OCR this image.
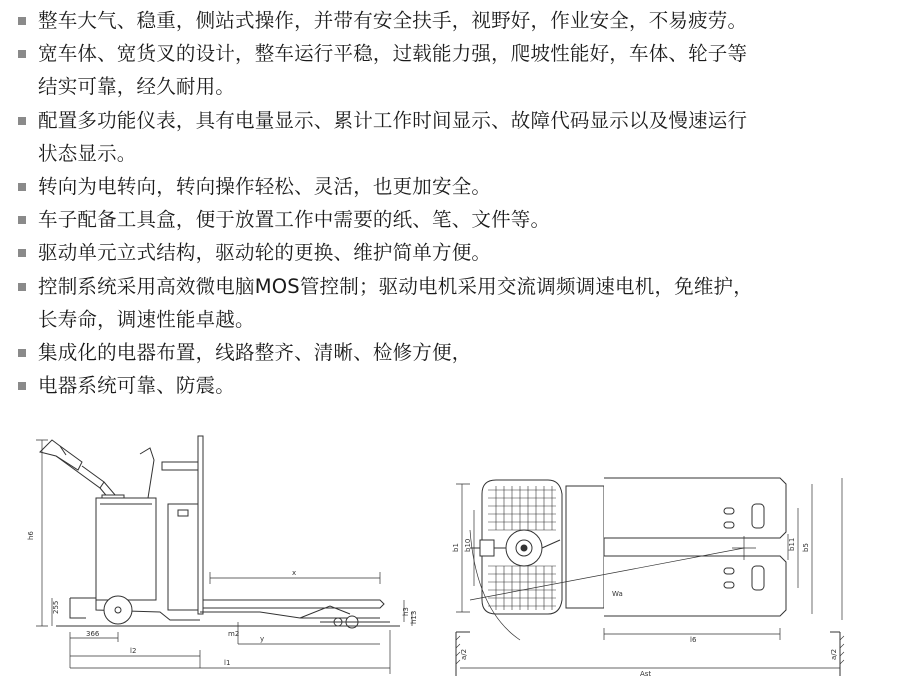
整车大气、稳重，侧站式操作，并带有安全扶手，视野好，作业安全，不易疲劳。
宽车体、宽货叉的设计，整车运行平稳，过载能力强，爬坡性能好，车体、轮子等
结实可靠，经久耐用。
配置多功能仪表，具有电量显示、累计工作时间显示、故障代码显示以及慢速运行
状态显示。
转向为电转向，转向操作轻松、灵活，也更加安全。
车子配备工具盒，便于放置工作中需要的纸、笔、文件等。
驱动单元立式结构，驱动轮的更换、维护简单方便。
控制系统采用高效微电脑MOS管控制；驱动电机采用交流调频调速电机，免维护，
长寿命，调速性能卓越。
集成化的电器布置，线路整齐、清晰、检修方便，
电器系统可靠、防震。
h6
255
x
h3 h13
m2
y
366
l2
l1
b1 b10	b11 b5
Wa
Ast
l6
a/2	a/2
